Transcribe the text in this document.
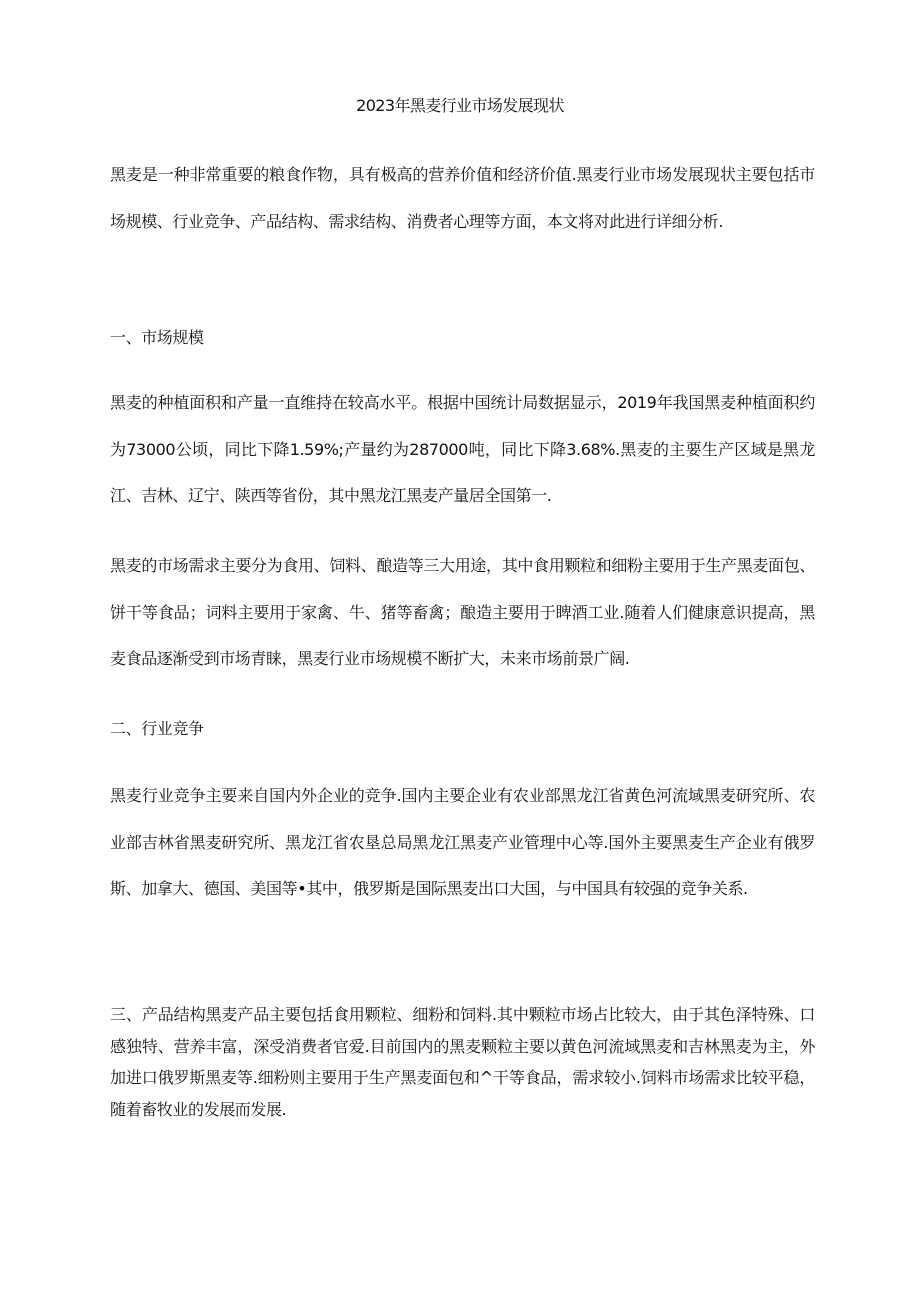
2023年黑麦行业市场发展现状

黑麦是一种非常重要的粮食作物，具有极高的营养价值和经济价值.黑麦行业市场发展现状主要包括市场规模、行业竞争、产品结构、需求结构、消费者心理等方面，本文将对此进行详细分析.

一、市场规模

黑麦的种植面积和产量一直维持在较高水平。根据中国统计局数据显示，2019年我国黑麦种植面积约为73000公顷，同比下降1.59%;产量约为287000吨，同比下降3.68%.黑麦的主要生产区域是黑龙江、吉林、辽宁、陕西等省份，其中黑龙江黑麦产量居全国第一.

黑麦的市场需求主要分为食用、饲料、酿造等三大用途，其中食用颗粒和细粉主要用于生产黑麦面包、饼干等食品；词料主要用于家禽、牛、猪等畜禽；酿造主要用于睥酒工业.随着人们健康意识提高，黑麦食品逐渐受到市场青睐，黑麦行业市场规模不断扩大，未来市场前景广阔.

二、行业竞争

黑麦行业竞争主要来自国内外企业的竞争.国内主要企业有农业部黑龙江省黄色河流域黑麦研究所、农业部吉林省黑麦研究所、黑龙江省农垦总局黑龙江黑麦产业管理中心等.国外主要黑麦生产企业有俄罗斯、加拿大、德国、美国等•其中，俄罗斯是国际黑麦出口大国，与中国具有较强的竞争关系.

三、产品结构黑麦产品主要包括食用颗粒、细粉和饲料.其中颗粒市场占比较大，由于其色泽特殊、口感独特、营养丰富，深受消费者官爱.目前国内的黑麦颗粒主要以黄色河流域黑麦和吉林黑麦为主，外加进口俄罗斯黑麦等.细粉则主要用于生产黑麦面包和^干等食品，需求较小.饲料市场需求比较平稳，随着畜牧业的发展而发展.
